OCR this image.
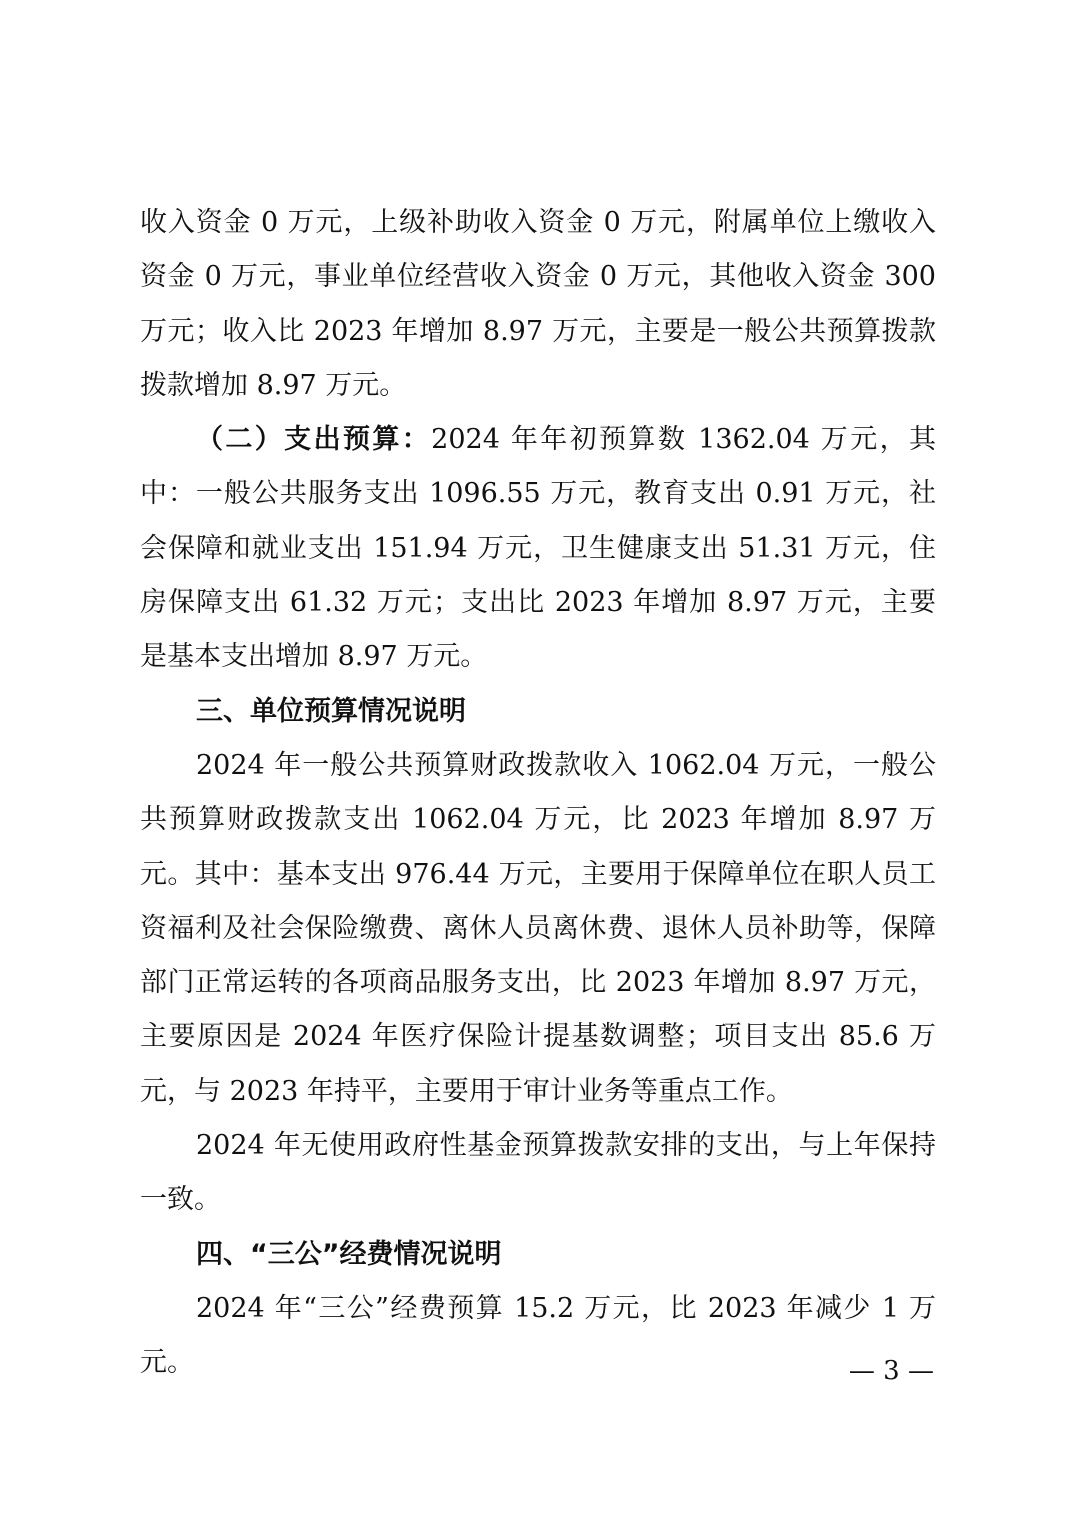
收入资金 0 万元，上级补助收入资金 0 万元，附属单位上缴收入资金 0 万元，事业单位经营收入资金 0 万元，其他收入资金 300 万元；收入比 2023 年增加 8.97 万元，主要是一般公共预算拨款拨款增加 8.97 万元。

（二）支出预算：2024 年年初预算数 1362.04 万元，其中：一般公共服务支出 1096.55 万元，教育支出 0.91 万元，社会保障和就业支出 151.94 万元，卫生健康支出 51.31 万元，住房保障支出 61.32 万元；支出比 2023 年增加 8.97 万元，主要是基本支出增加 8.97 万元。

三、单位预算情况说明

2024 年一般公共预算财政拨款收入 1062.04 万元，一般公共预算财政拨款支出 1062.04 万元，比 2023 年增加 8.97 万元。其中：基本支出 976.44 万元，主要用于保障单位在职人员工资福利及社会保险缴费、离休人员离休费、退休人员补助等，保障部门正常运转的各项商品服务支出，比 2023 年增加 8.97 万元，主要原因是 2024 年医疗保险计提基数调整；项目支出 85.6 万元，与 2023 年持平，主要用于审计业务等重点工作。

2024 年无使用政府性基金预算拨款安排的支出，与上年保持一致。

四、“三公”经费情况说明

2024 年“三公”经费预算 15.2 万元，比 2023 年减少 1 万元。	— 3 —
